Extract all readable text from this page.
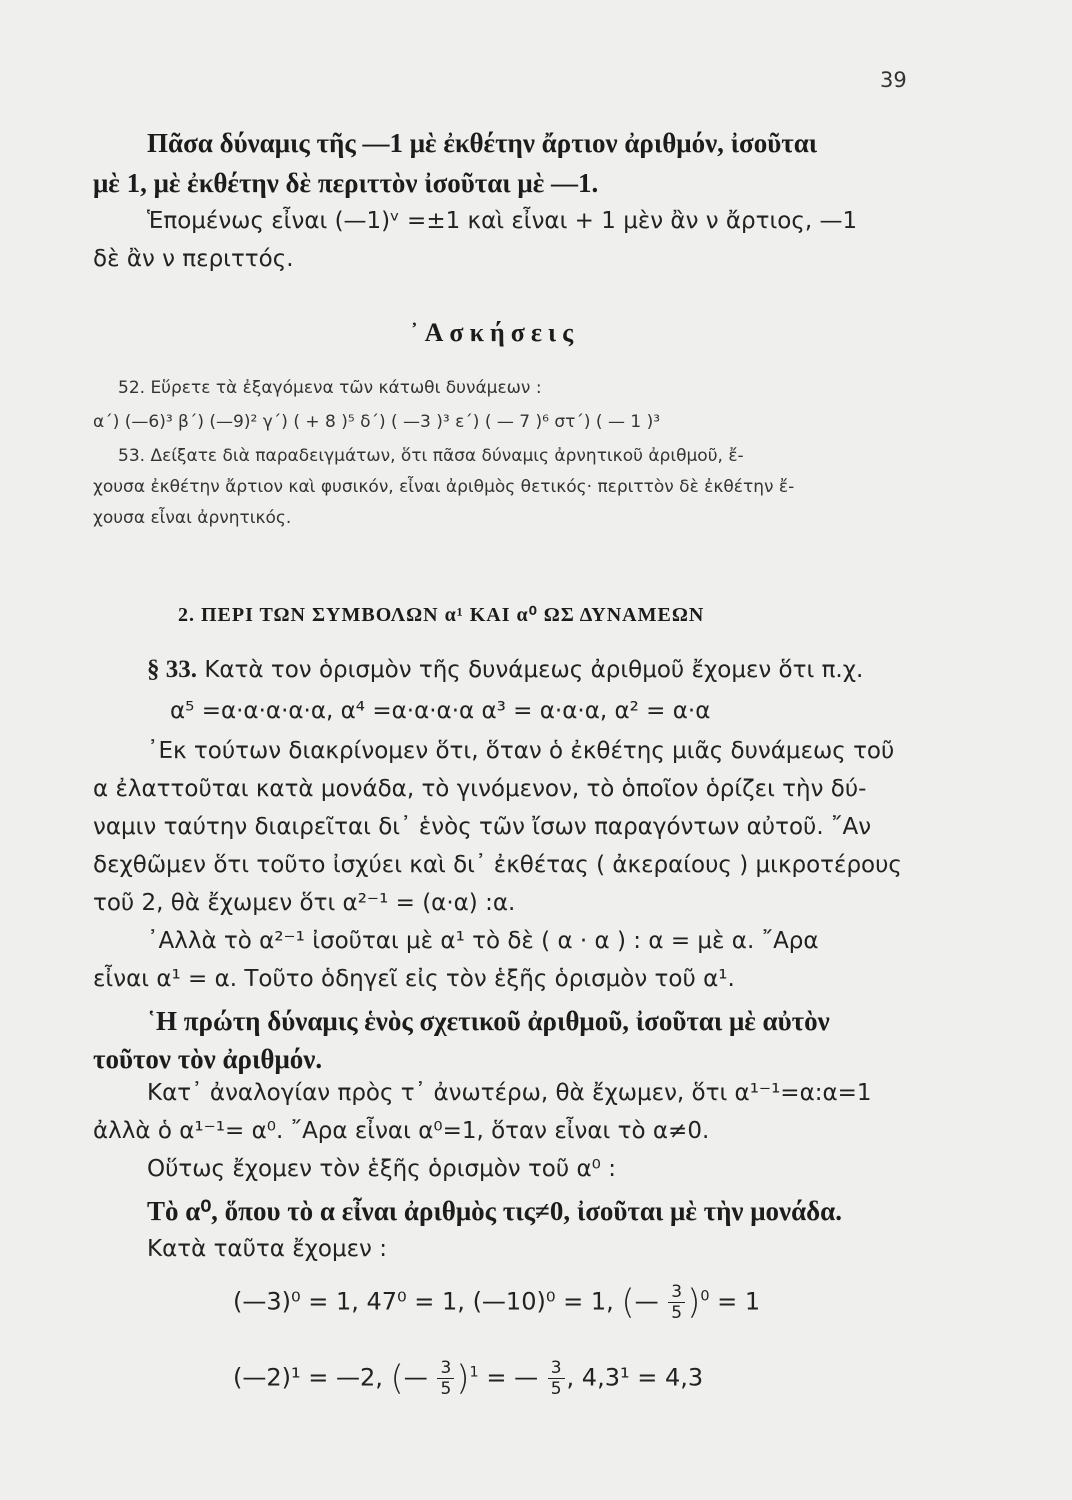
39
Πᾶσα δύναμις τῆς —1 μὲ ἐκθέτην ἄρτιον ἀριθμόν, ἰσοῦται
μὲ 1, μὲ ἐκθέτην δὲ περιττὸν ἰσοῦται μὲ —1.
Ἑπομένως εἶναι (—1)ᵛ =±1 καὶ εἶναι + 1 μὲν ἂν ν ἄρτιος, —1
δὲ ἂν ν περιττός.
᾿Ασκήσεις
52. Εὕρετε τὰ ἐξαγόμενα τῶν κάτωθι δυνάμεων :
α΄) (—6)³ β΄) (—9)² γ΄) ( + 8 )⁵ δ΄) ( —3 )³ ε΄) ( — 7 )⁶ στ΄) ( — 1 )³
53. Δείξατε διὰ παραδειγμάτων, ὅτι πᾶσα δύναμις ἀρνητικοῦ ἀριθμοῦ, ἔ-
χουσα ἐκθέτην ἄρτιον καὶ φυσικόν, εἶναι ἀριθμὸς θετικός· περιττὸν δὲ ἐκθέτην ἔ-
χουσα εἶναι ἀρνητικός.
2. ΠΕΡΙ ΤΩΝ ΣΥΜΒΟΛΩΝ α¹ ΚΑΙ α⁰ ΩΣ ΔΥΝΑΜΕΩΝ
§ 33. Κατὰ τον ὁρισμὸν τῆς δυνάμεως ἀριθμοῦ ἔχομεν ὅτι π.χ.
α⁵ =α·α·α·α·α, α⁴ =α·α·α·α α³ = α·α·α, α² = α·α
᾿Εκ τούτων διακρίνομεν ὅτι, ὅταν ὁ ἐκθέτης μιᾶς δυνάμεως τοῦ
α ἐλαττοῦται κατὰ μονάδα, τὸ γινόμενον, τὸ ὁποῖον ὁρίζει τὴν δύ-
ναμιν ταύτην διαιρεῖται δι᾿ ἑνὸς τῶν ἴσων παραγόντων αὐτοῦ. ῎Αν
δεχθῶμεν ὅτι τοῦτο ἰσχύει καὶ δι᾿ ἐκθέτας ( ἀκεραίους ) μικροτέρους
τοῦ 2, θὰ ἔχωμεν ὅτι α²⁻¹ = (α·α) :α.
᾿Αλλὰ τὸ α²⁻¹ ἰσοῦται μὲ α¹ τὸ δὲ ( α · α ) : α = μὲ α. ῎Αρα
εἶναι α¹ = α. Τοῦτο ὁδηγεῖ εἰς τὸν ἑξῆς ὁρισμὸν τοῦ α¹.
῾Η πρώτη δύναμις ἑνὸς σχετικοῦ ἀριθμοῦ, ἰσοῦται μὲ αὐτὸν
τοῦτον τὸν ἀριθμόν.
Κατ᾿ ἀναλογίαν πρὸς τ᾿ ἀνωτέρω, θὰ ἔχωμεν, ὅτι α¹⁻¹=α:α=1
ἀλλὰ ὁ α¹⁻¹= α⁰. ῎Αρα εἶναι α⁰=1, ὅταν εἶναι τὸ α≠0.
Οὕτως ἔχομεν τὸν ἑξῆς ὁρισμὸν τοῦ α⁰ :
Τὸ α⁰, ὅπου τὸ α εἶναι ἀριθμὸς τις≠0, ἰσοῦται μὲ τὴν μονάδα.
Κατὰ ταῦτα ἔχομεν :
(—3)⁰ = 1, 47⁰ = 1, (—10)⁰ = 1, (— $\frac{3}{5} )^0 = 1$
(—2)¹ = —2, (— $\frac{3}{5} )^1$ = — $\frac{3}{5}$ , 4,3¹ = 4,3
